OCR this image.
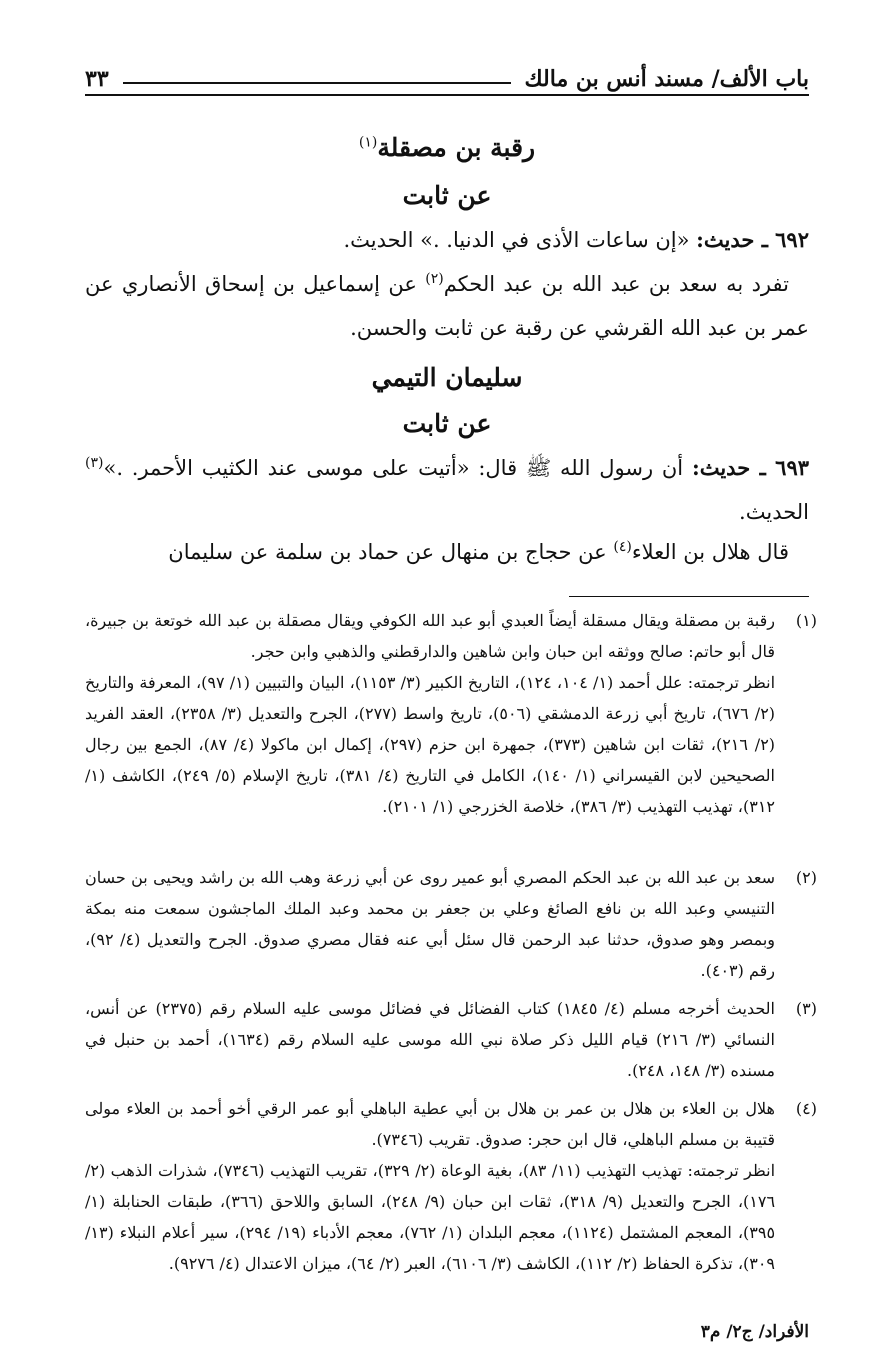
باب الألف/ مسند أنس بن مالك
٣٣
رقبة بن مصقلة$^{(١)}$
عن ثابت
٦٩٢ ـ حديث: «إن ساعات الأذى في الدنيا. .» الحديث.
تفرد به سعد بن عبد الله بن عبد الحكم$^{(٢)}$ عن إسماعيل بن إسحاق الأنصاري عن عمر بن عبد الله القرشي عن رقبة عن ثابت والحسن.
سليمان التيمي
عن ثابت
٦٩٣ ـ حديث: أن رسول الله ﷺ قال: «أتيت على موسى عند الكثيب الأحمر. .»$^{(٣)}$ الحديث.
قال هلال بن العلاء$^{(٤)}$ عن حجاج بن منهال عن حماد بن سلمة عن سليمان
(١)

رقبة بن مصقلة ويقال مسقلة أيضاً العبدي أبو عبد الله الكوفي ويقال مصقلة بن عبد الله خوتعة بن جبيرة، قال أبو حاتم: صالح ووثقه ابن حبان وابن شاهين والدارقطني والذهبي وابن حجر.

انظر ترجمته: علل أحمد (١/ ١٠٤، ١٢٤)، التاريخ الكبير (٣/ ١١٥٣)، البيان والتبيين (١/ ٩٧)، المعرفة والتاريخ (٢/ ٦٧٦)، تاريخ أبي زرعة الدمشقي (٥٠٦)، تاريخ واسط (٢٧٧)، الجرح والتعديل (٣/ ٢٣٥٨)، العقد الفريد (٢/ ٢١٦)، ثقات ابن شاهين (٣٧٣)، جمهرة ابن حزم (٢٩٧)، إكمال ابن ماكولا (٤/ ٨٧)، الجمع بين رجال الصحيحين لابن القيسراني (١/ ١٤٠)، الكامل في التاريخ (٤/ ٣٨١)، تاريخ الإسلام (٥/ ٢٤٩)، الكاشف (١/ ٣١٢)، تهذيب التهذيب (٣/ ٣٨٦)، خلاصة الخزرجي (١/ ٢١٠١).

(٢)

سعد بن عبد الله بن عبد الحكم المصري أبو عمير روى عن أبي زرعة وهب الله بن راشد ويحيى بن حسان التنيسي وعبد الله بن نافع الصائغ وعلي بن جعفر بن محمد وعبد الملك الماجشون سمعت منه بمكة وبمصر وهو صدوق، حدثنا عبد الرحمن قال سئل أبي عنه فقال مصري صدوق. الجرح والتعديل (٤/ ٩٢)، رقم (٤٠٣).

(٣)

الحديث أخرجه مسلم (٤/ ١٨٤٥) كتاب الفضائل في فضائل موسى عليه السلام رقم (٢٣٧٥) عن أنس، النسائي (٣/ ٢١٦) قيام الليل ذكر صلاة نبي الله موسى عليه السلام رقم (١٦٣٤)، أحمد بن حنبل في مسنده (٣/ ١٤٨، ٢٤٨).

(٤)

هلال بن العلاء بن هلال بن عمر بن هلال بن أبي عطية الباهلي أبو عمر الرقي أخو أحمد بن العلاء مولى قتيبة بن مسلم الباهلي، قال ابن حجر: صدوق. تقريب (٧٣٤٦).

انظر ترجمته: تهذيب التهذيب (١١/ ٨٣)، بغية الوعاة (٢/ ٣٢٩)، تقريب التهذيب (٧٣٤٦)، شذرات الذهب (٢/ ١٧٦)، الجرح والتعديل (٩/ ٣١٨)، ثقات ابن حبان (٩/ ٢٤٨)، السابق واللاحق (٣٦٦)، طبقات الحنابلة (١/ ٣٩٥)، المعجم المشتمل (١١٢٤)، معجم البلدان (١/ ٧٦٢)، معجم الأدباء (١٩/ ٢٩٤)، سير أعلام النبلاء (١٣/ ٣٠٩)، تذكرة الحفاظ (٢/ ١١٢)، الكاشف (٣/ ٦١٠٦)، العبر (٢/ ٦٤)، ميزان الاعتدال (٤/ ٩٢٧٦).

الأفراد/ ج٢/ م٣
